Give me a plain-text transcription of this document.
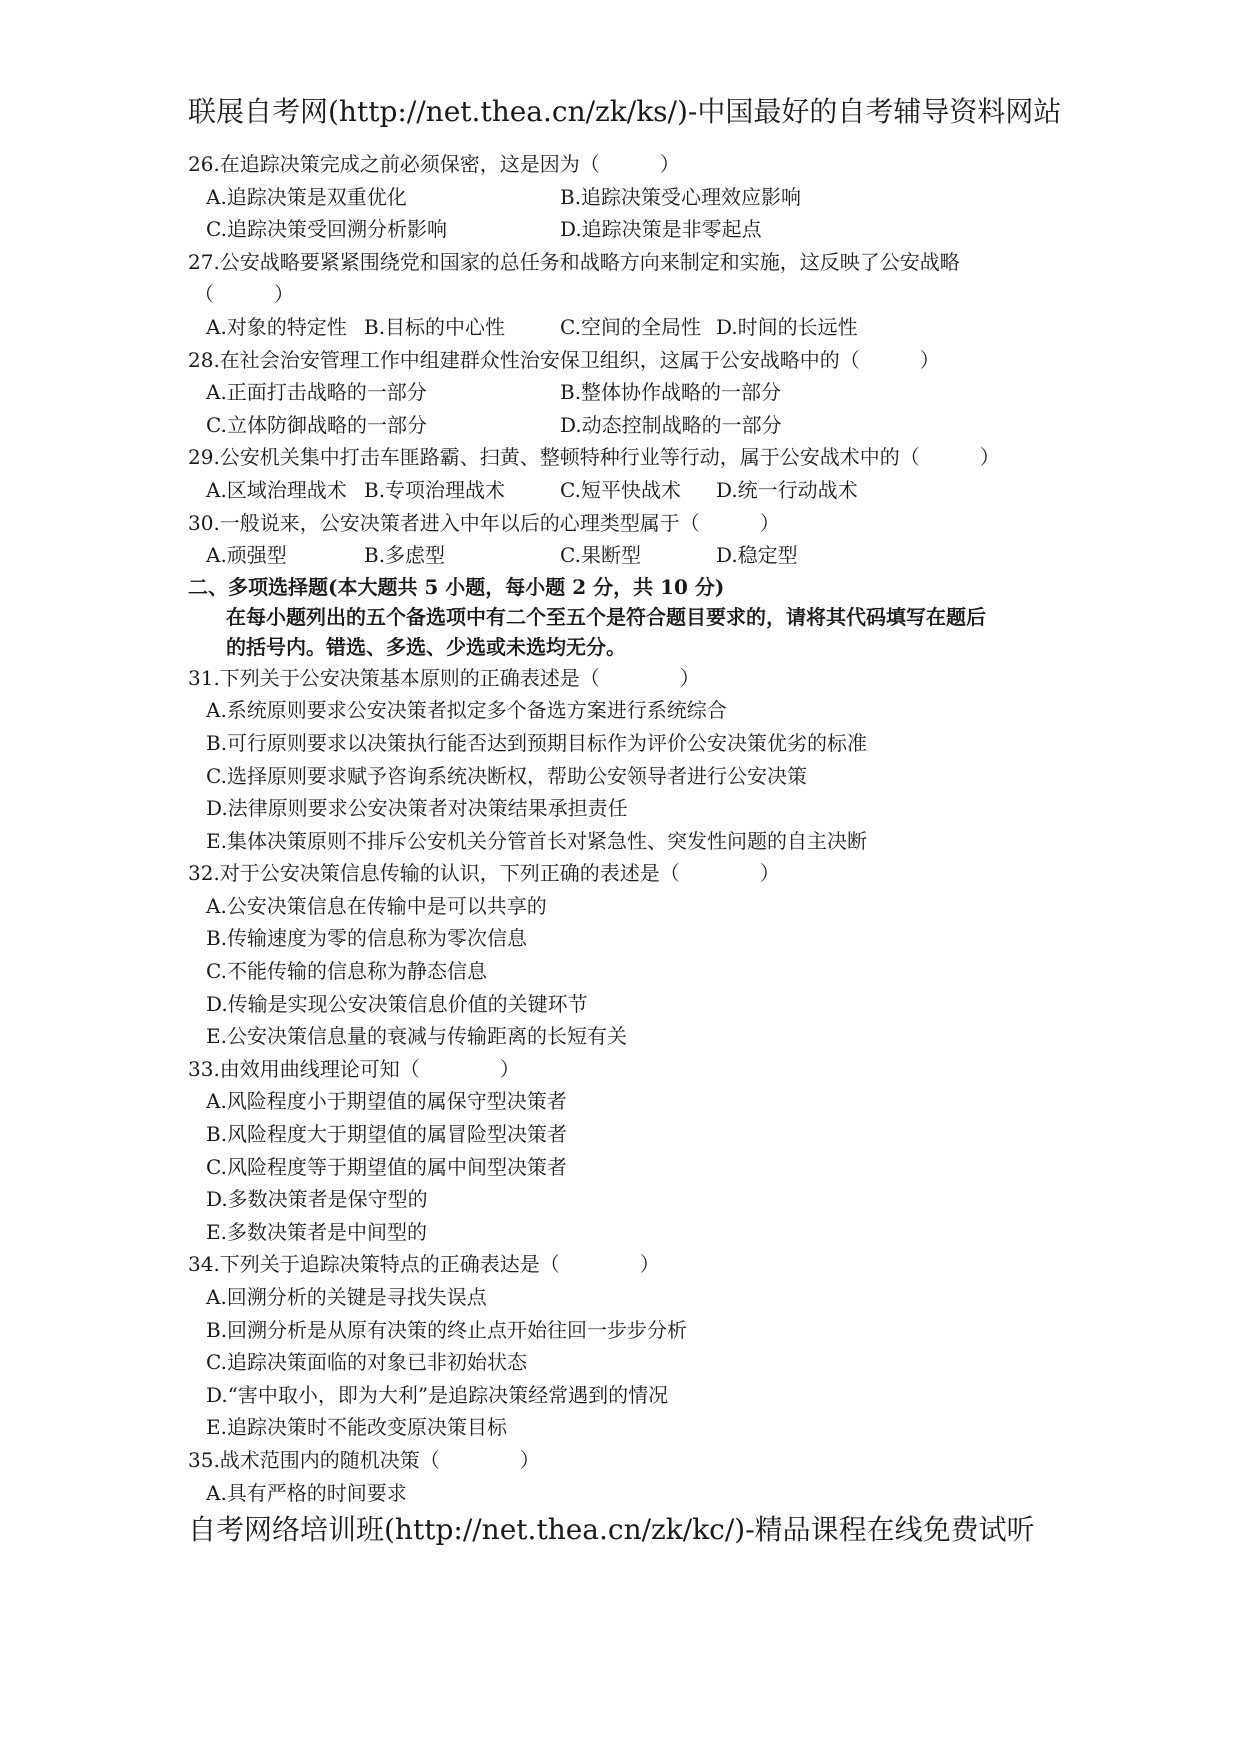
联展自考网(http://net.thea.cn/zk/ks/)-中国最好的自考辅导资料网站
26.在追踪决策完成之前必须保密，这是因为（　　　）
A.追踪决策是双重优化	B.追踪决策受心理效应影响
C.追踪决策受回溯分析影响	D.追踪决策是非零起点
27.公安战略要紧紧围绕党和国家的总任务和战略方向来制定和实施，这反映了公安战略
（　　　）
A.对象的特定性 B.目标的中心性	C.空间的全局性 D.时间的长远性
28.在社会治安管理工作中组建群众性治安保卫组织，这属于公安战略中的（　　　）
A.正面打击战略的一部分	B.整体协作战略的一部分
C.立体防御战略的一部分	D.动态控制战略的一部分
29.公安机关集中打击车匪路霸、扫黄、整顿特种行业等行动，属于公安战术中的（　　　）
A.区域治理战术 B.专项治理战术	C.短平快战术 D.统一行动战术
30.一般说来，公安决策者进入中年以后的心理类型属于（　　　）
A.顽强型	B.多虑型	C.果断型	D.稳定型
二、多项选择题(本大题共 5 小题，每小题 2 分，共 10 分)
在每小题列出的五个备选项中有二个至五个是符合题目要求的，请将其代码填写在题后
的括号内。错选、多选、少选或未选均无分。
31.下列关于公安决策基本原则的正确表述是（　　　　）
A.系统原则要求公安决策者拟定多个备选方案进行系统综合
B.可行原则要求以决策执行能否达到预期目标作为评价公安决策优劣的标准
C.选择原则要求赋予咨询系统决断权，帮助公安领导者进行公安决策
D.法律原则要求公安决策者对决策结果承担责任
E.集体决策原则不排斥公安机关分管首长对紧急性、突发性问题的自主决断
32.对于公安决策信息传输的认识，下列正确的表述是（　　　　）
A.公安决策信息在传输中是可以共享的
B.传输速度为零的信息称为零次信息
C.不能传输的信息称为静态信息
D.传输是实现公安决策信息价值的关键环节
E.公安决策信息量的衰减与传输距离的长短有关
33.由效用曲线理论可知（　　　　）
A.风险程度小于期望值的属保守型决策者
B.风险程度大于期望值的属冒险型决策者
C.风险程度等于期望值的属中间型决策者
D.多数决策者是保守型的
E.多数决策者是中间型的
34.下列关于追踪决策特点的正确表达是（　　　　）
A.回溯分析的关键是寻找失误点
B.回溯分析是从原有决策的终止点开始往回一步步分析
C.追踪决策面临的对象已非初始状态
D.“害中取小，即为大利”是追踪决策经常遇到的情况
E.追踪决策时不能改变原决策目标
35.战术范围内的随机决策（　　　　）
A.具有严格的时间要求
自考网络培训班(http://net.thea.cn/zk/kc/)-精品课程在线免费试听
